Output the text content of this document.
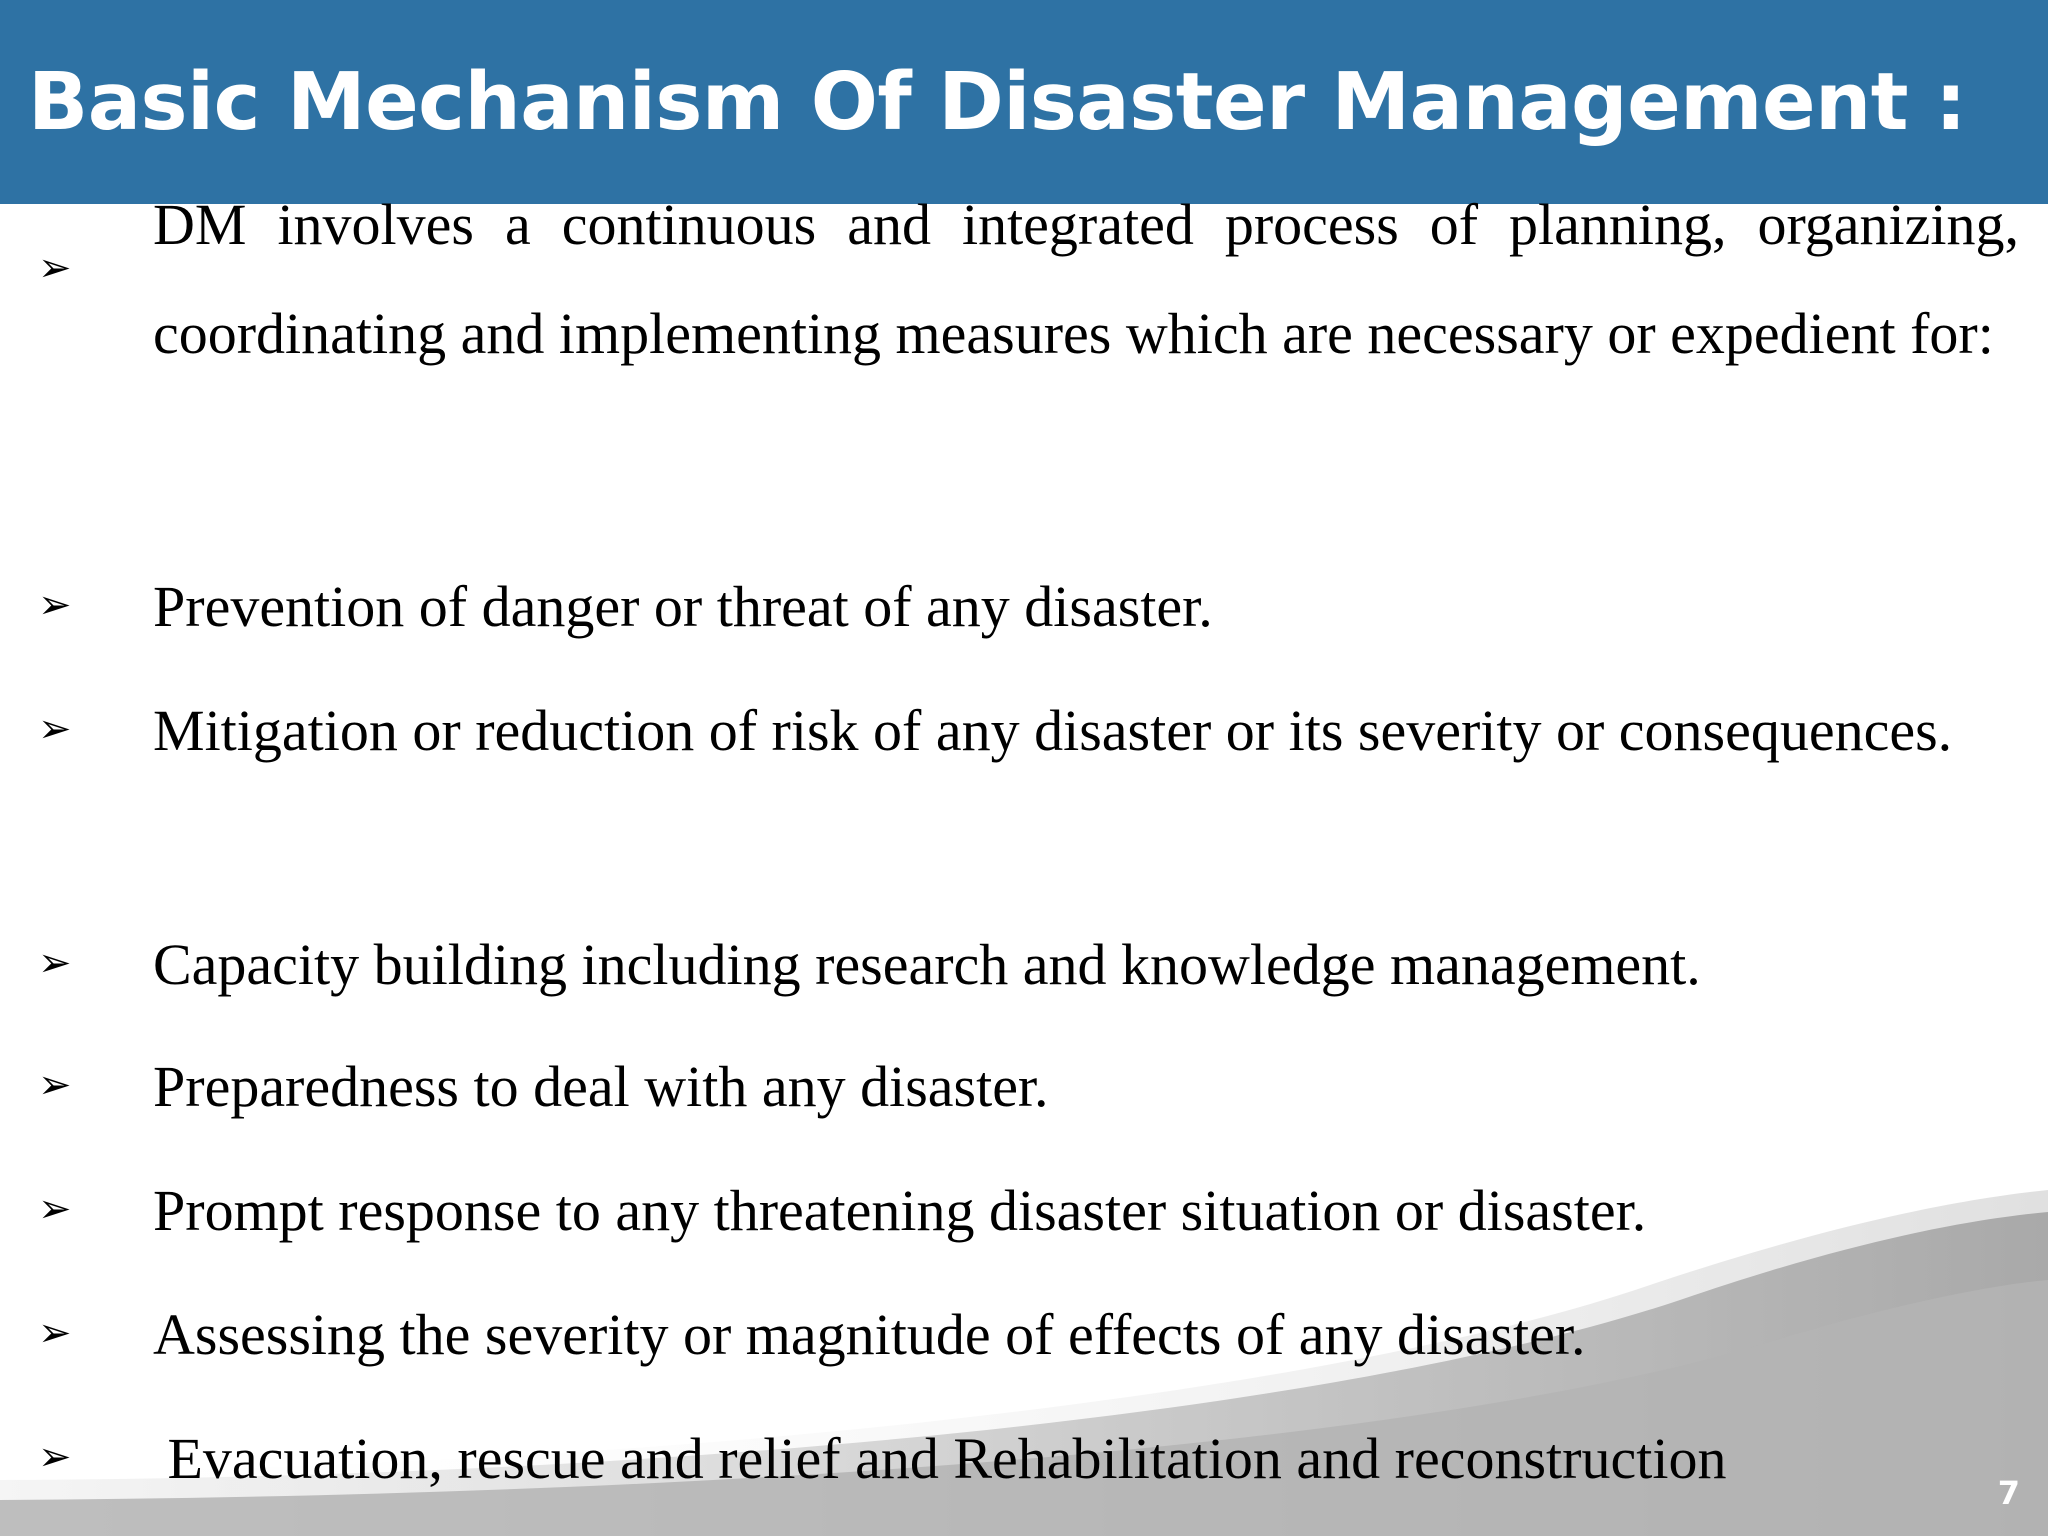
Basic Mechanism Of Disaster Management :
➢

DM involves a continuous and integrated process of planning, organizing, coordinating and implementing measures which are necessary or expedient for:

➢ Prevention of danger or threat of any disaster.

➢ Mitigation or reduction of risk of any disaster or its severity or consequences.

➢ Capacity building including research and knowledge management.

➢ Preparedness to deal with any disaster.

➢ Prompt response to any threatening disaster situation or disaster.

➢ Assessing the severity or magnitude of effects of any disaster.

➢ Evacuation, rescue and relief and Rehabilitation and reconstruction

7
